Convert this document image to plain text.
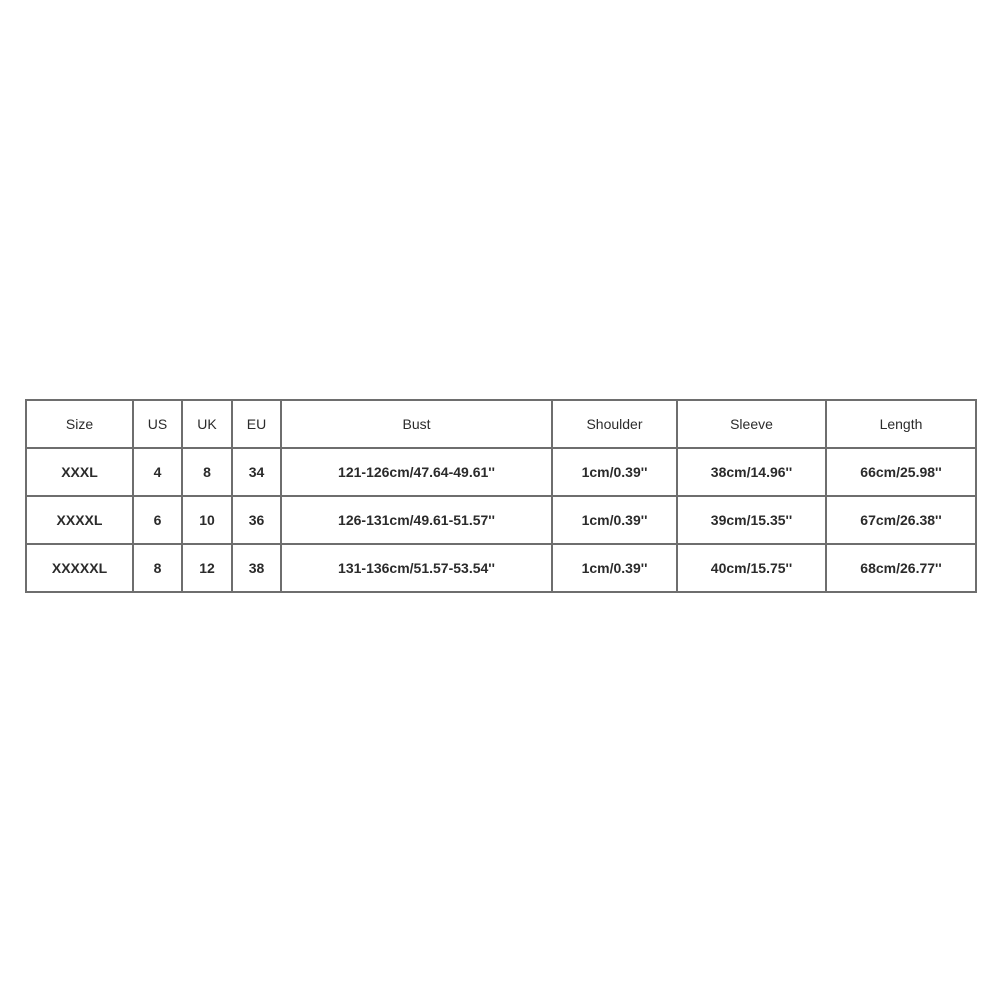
Size	US	UK	EU	Bust	Shoulder	Sleeve	Length
XXXL	4	8	34	121-126cm/47.64-49.61''	1cm/0.39''	38cm/14.96''	66cm/25.98''
XXXXL	6	10	36	126-131cm/49.61-51.57''	1cm/0.39''	39cm/15.35''	67cm/26.38''
XXXXXL	8	12	38	131-136cm/51.57-53.54''	1cm/0.39''	40cm/15.75''	68cm/26.77''
